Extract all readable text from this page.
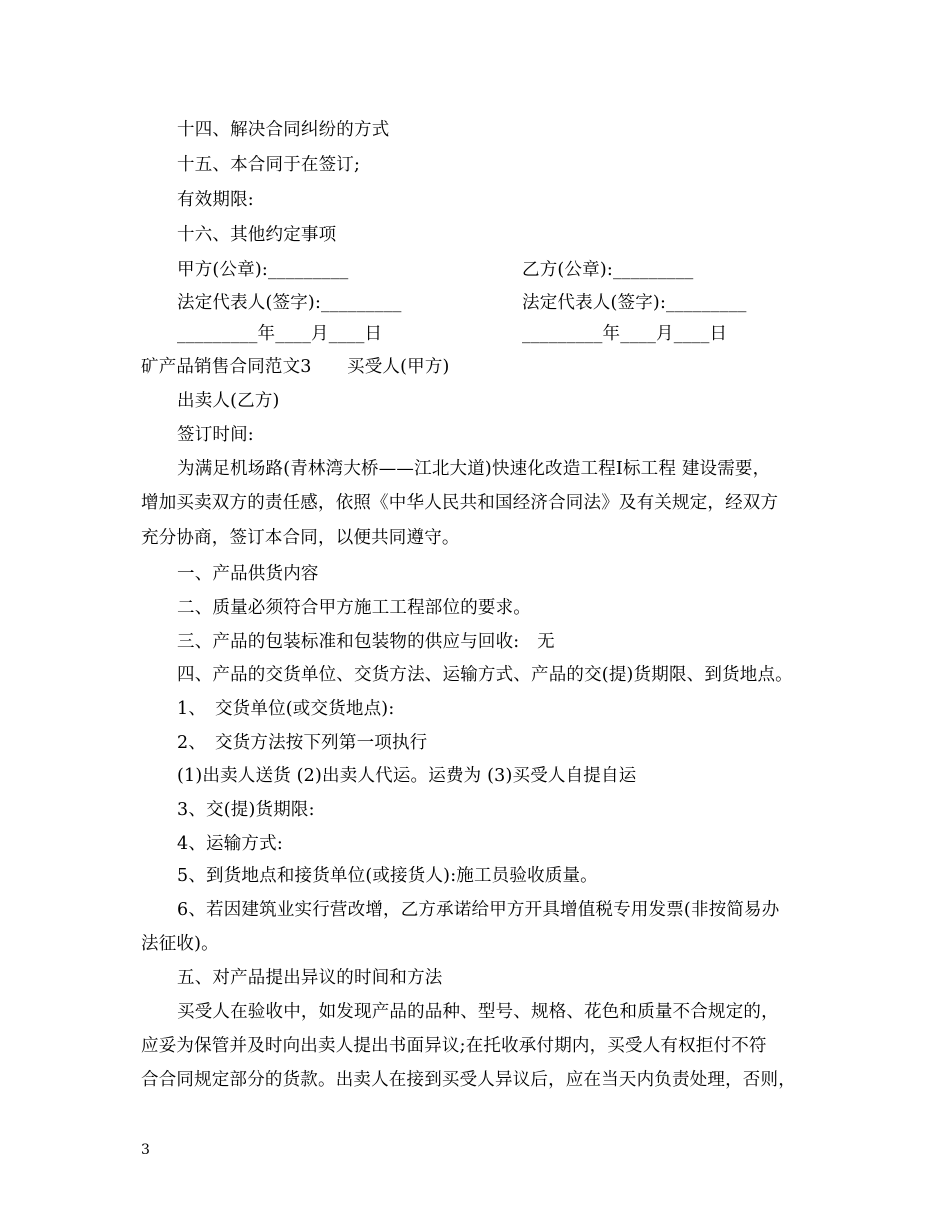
十四、解决合同纠纷的方式
十五、本合同于在签订;
有效期限:
十六、其他约定事项
甲方(公章):_________	乙方(公章):_________
法定代表人(签字):_________	法定代表人(签字):_________
_________年____月____日	_________年____月____日
矿产品销售合同范文3　　买受人(甲方)
出卖人(乙方)
签订时间:
为满足机场路(青林湾大桥——江北大道)快速化改造工程Ⅰ标工程 建设需要，
增加买卖双方的责任感，依照《中华人民共和国经济合同法》及有关规定，经双方
充分协商，签订本合同，以便共同遵守。
一、产品供货内容
二、质量必须符合甲方施工工程部位的要求。
三、产品的包装标准和包装物的供应与回收:　无
四、产品的交货单位、交货方法、运输方式、产品的交(提)货期限、到货地点。
1、　交货单位(或交货地点):
2、　交货方法按下列第一项执行
(1)出卖人送货 (2)出卖人代运。运费为 (3)买受人自提自运
3、交(提)货期限:
4、运输方式:
5、到货地点和接货单位(或接货人):施工员验收质量。
6、若因建筑业实行营改增，乙方承诺给甲方开具增值税专用发票(非按简易办
法征收)。
五、对产品提出异议的时间和方法
买受人在验收中，如发现产品的品种、型号、规格、花色和质量不合规定的，
应妥为保管并及时向出卖人提出书面异议;在托收承付期内，买受人有权拒付不符
合合同规定部分的货款。出卖人在接到买受人异议后，应在当天内负责处理，否则，
3
